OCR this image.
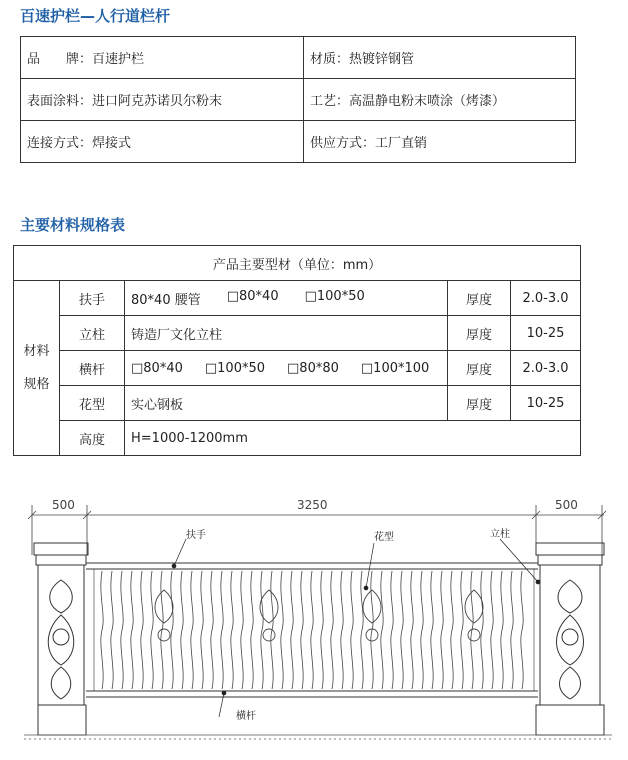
百速护栏—人行道栏杆
品　　牌：百速护栏	材质：热镀锌钢管
表面涂料：进口阿克苏诺贝尔粉末	工艺：高温静电粉末喷涂（烤漆）
连接方式：焊接式	供应方式：工厂直销
主要材料规格表
产品主要型材（单位：mm）				
材料规格	扶手	80*40 腰管 □80*40 □100*50	厚度	2.0-3.0
	立柱	铸造厂文化立柱	厚度	10-25
	横杆	□80*40 □100*50 □80*80 □100*100	厚度	2.0-3.0
	花型	实心钢板	厚度	10-25
	高度	H=1000-1200mm		
500	3250	500
扶手	花型	立柱
横杆
